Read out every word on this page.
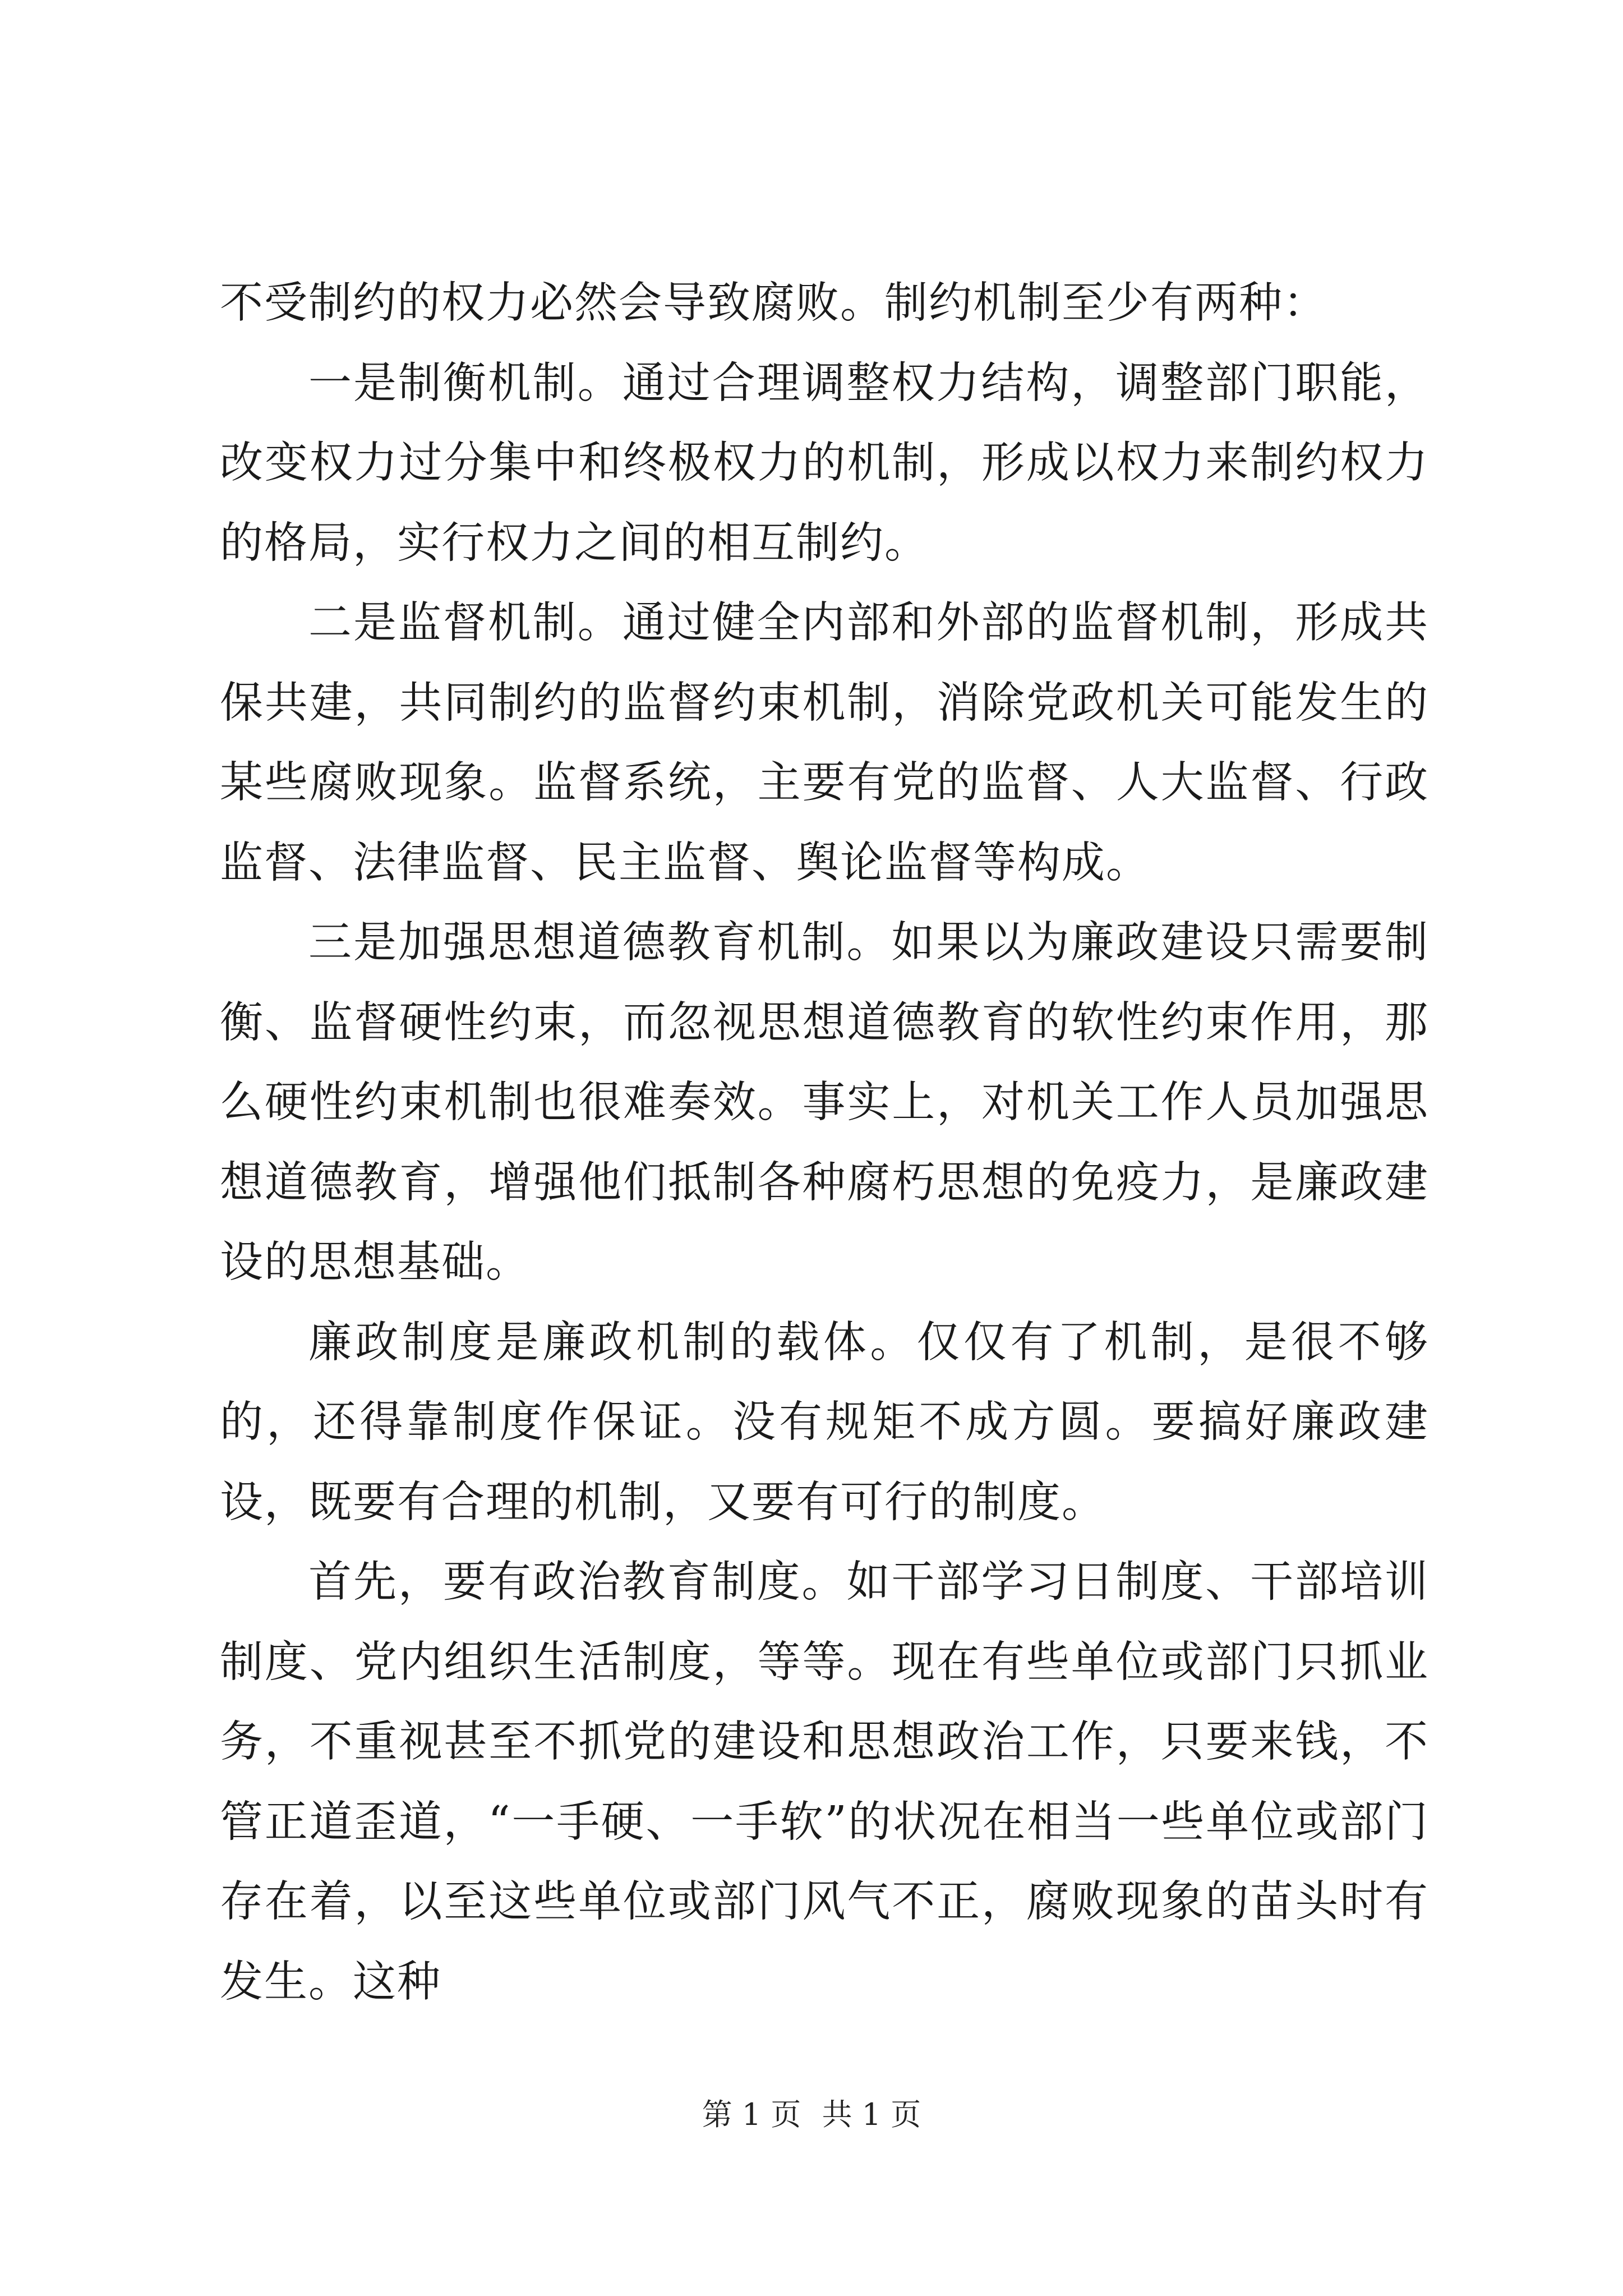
不受制约的权力必然会导致腐败。制约机制至少有两种：

一是制衡机制。通过合理调整权力结构，调整部门职能，改变权力过分集中和终极权力的机制，形成以权力来制约权力的格局，实行权力之间的相互制约。

二是监督机制。通过健全内部和外部的监督机制，形成共保共建，共同制约的监督约束机制，消除党政机关可能发生的某些腐败现象。监督系统，主要有党的监督、人大监督、行政监督、法律监督、民主监督、舆论监督等构成。

三是加强思想道德教育机制。如果以为廉政建设只需要制衡、监督硬性约束，而忽视思想道德教育的软性约束作用，那么硬性约束机制也很难奏效。事实上，对机关工作人员加强思想道德教育，增强他们抵制各种腐朽思想的免疫力，是廉政建设的思想基础。

廉政制度是廉政机制的载体。仅仅有了机制，是很不够的，还得靠制度作保证。没有规矩不成方圆。要搞好廉政建设，既要有合理的机制，又要有可行的制度。

首先，要有政治教育制度。如干部学习日制度、干部培训制度、党内组织生活制度，等等。现在有些单位或部门只抓业务，不重视甚至不抓党的建设和思想政治工作，只要来钱，不管正道歪道，“一手硬、一手软”的状况在相当一些单位或部门存在着，以至这些单位或部门风气不正，腐败现象的苗头时有发生。这种

第 1 页 共 1 页
